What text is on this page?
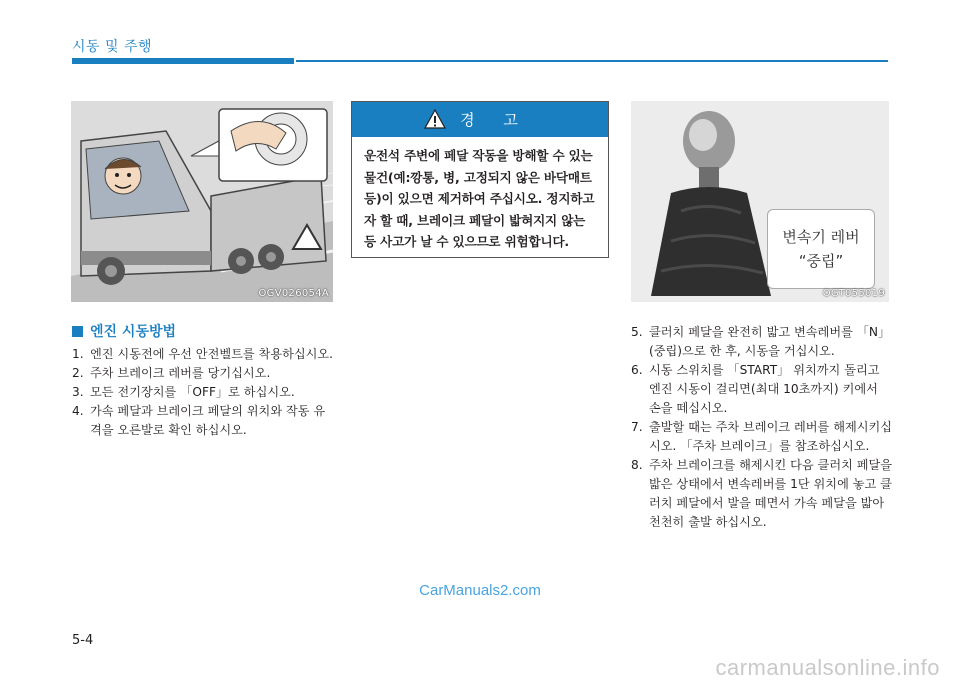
시동 및 주행
OGV026054A
경 고
운전석 주변에 페달 작동을 방해할 수 있는
물건(예:깡통, 병, 고정되지 않은 바닥매트
등)이 있으면 제거하여 주십시오. 정지하고
자 할 때, 브레이크 페달이 밟혀지지 않는
등 사고가 날 수 있으므로 위험합니다.	변속기 레버
“중립”
OGT055019
엔진 시동방법
1. 엔진 시동전에 우선 안전벨트를 착용하십시오.
2. 주차 브레이크 레버를 당기십시오.
3. 모든 전기장치를 「OFF」로 하십시오.
4. 가속 페달과 브레이크 페달의 위치와 작동 유격을 오른발로 확인 하십시오.
5. 클러치 페달을 완전히 밟고 변속레버를 「N」(중립)으로 한 후, 시동을 거십시오.
6. 시동 스위치를 「START」 위치까지 돌리고 엔진 시동이 걸리면(최대 10초까지) 키에서 손을 떼십시오.
7. 출발할 때는 주차 브레이크 레버를 해제시키십시오. 「주차 브레이크」를 참조하십시오.
8. 주차 브레이크를 해제시킨 다음 클러치 페달을 밟은 상태에서 변속레버를 1단 위치에 놓고 클러치 페달에서 발을 떼면서 가속 페달을 밟아 천천히 출발 하십시오.
CarManuals2.com
5-4
carmanualsonline.info
